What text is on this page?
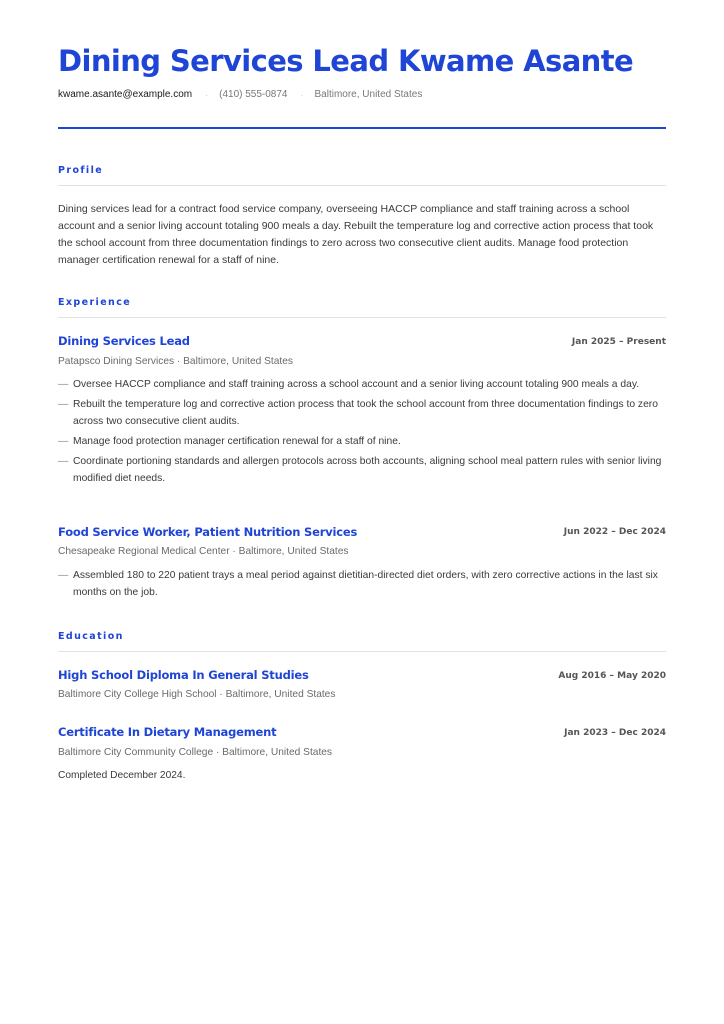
Dining Services Lead Kwame Asante
kwame.asante@example.com · (410) 555-0874 · Baltimore, United States
Profile

Dining services lead for a contract food service company, overseeing HACCP compliance and staff training across a school account and a senior living account totaling 900 meals a day. Rebuilt the temperature log and corrective action process that took the school account from three documentation findings to zero across two consecutive client audits. Manage food protection manager certification renewal for a staff of nine.

Experience
Dining Services Lead	Jan 2025 – Present
Patapsco Dining Services · Baltimore, United States
— Oversee HACCP compliance and staff training across a school account and a senior living account totaling 900 meals a day.
— Rebuilt the temperature log and corrective action process that took the school account from three documentation findings to zero across two consecutive client audits.
— Manage food protection manager certification renewal for a staff of nine.
— Coordinate portioning standards and allergen protocols across both accounts, aligning school meal pattern rules with senior living modified diet needs.
Food Service Worker, Patient Nutrition Services	Jun 2022 – Dec 2024
Chesapeake Regional Medical Center · Baltimore, United States
— Assembled 180 to 220 patient trays a meal period against dietitian-directed diet orders, with zero corrective actions in the last six months on the job.
Education
High School Diploma In General Studies	Aug 2016 – May 2020
Baltimore City College High School · Baltimore, United States
Certificate In Dietary Management	Jan 2023 – Dec 2024
Baltimore City Community College · Baltimore, United States
Completed December 2024.
